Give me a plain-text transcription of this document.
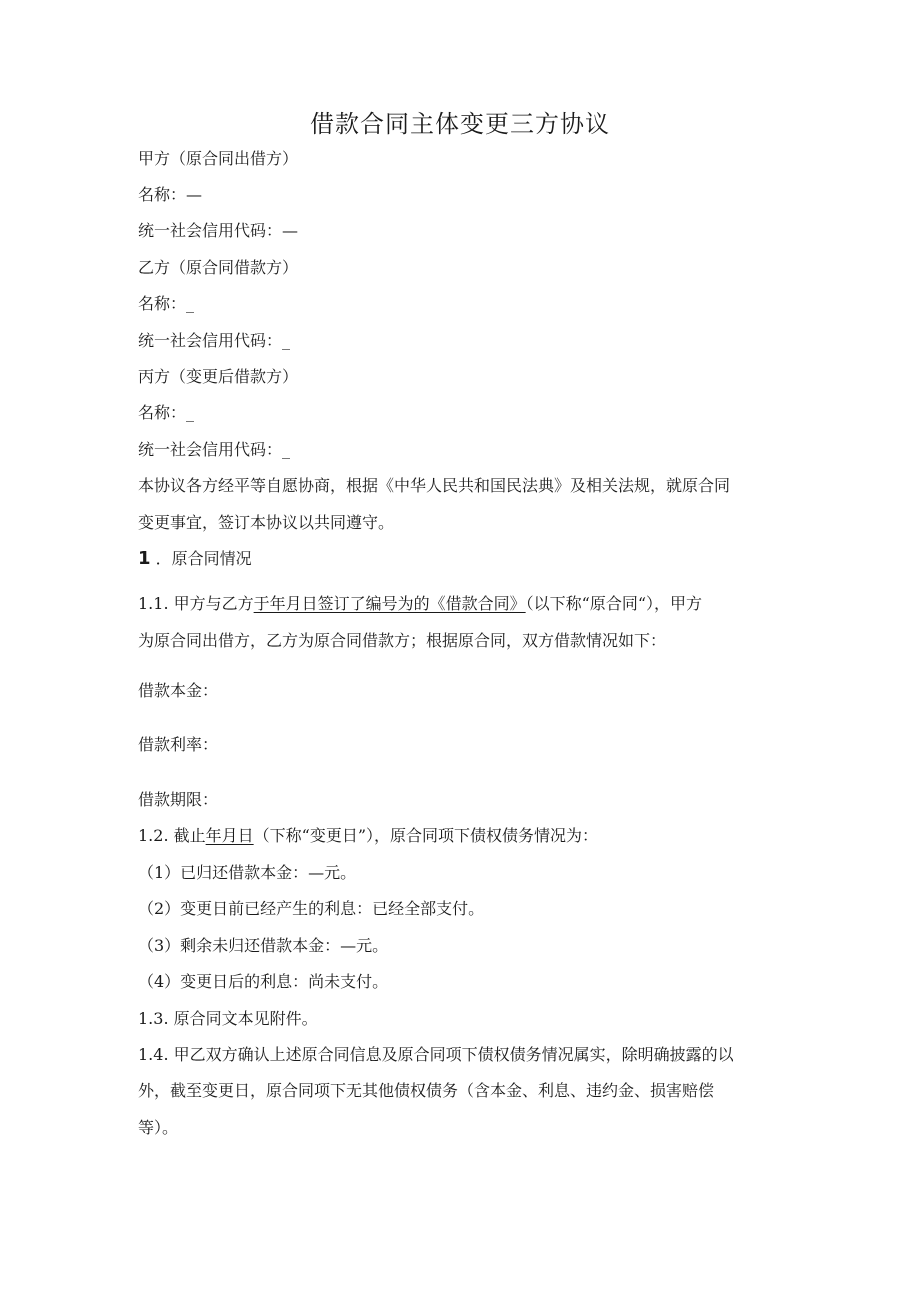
借款合同主体变更三方协议
甲方（原合同出借方）
名称：—
统一社会信用代码：—
乙方（原合同借款方）
名称：_
统一社会信用代码：_
丙方（变更后借款方）
名称：_
统一社会信用代码：_
本协议各方经平等自愿协商，根据《中华人民共和国民法典》及相关法规，就原合同
变更事宜，签订本协议以共同遵守。
1 ．原合同情况
1.1. 甲方与乙方于年月日签订了编号为的《借款合同》（以下称“原合同“），甲方
为原合同出借方，乙方为原合同借款方；根据原合同，双方借款情况如下：
借款本金：
借款利率：
借款期限：
1.2. 截止年月日（下称“变更日”），原合同项下债权债务情况为：
（1）已归还借款本金：—元。
（2）变更日前已经产生的利息：已经全部支付。
（3）剩余未归还借款本金：—元。
（4）变更日后的利息：尚未支付。
1.3. 原合同文本见附件。
1.4. 甲乙双方确认上述原合同信息及原合同项下债权债务情况属实，除明确披露的以
外，截至变更日，原合同项下无其他债权债务（含本金、利息、违约金、损害赔偿
等）。
